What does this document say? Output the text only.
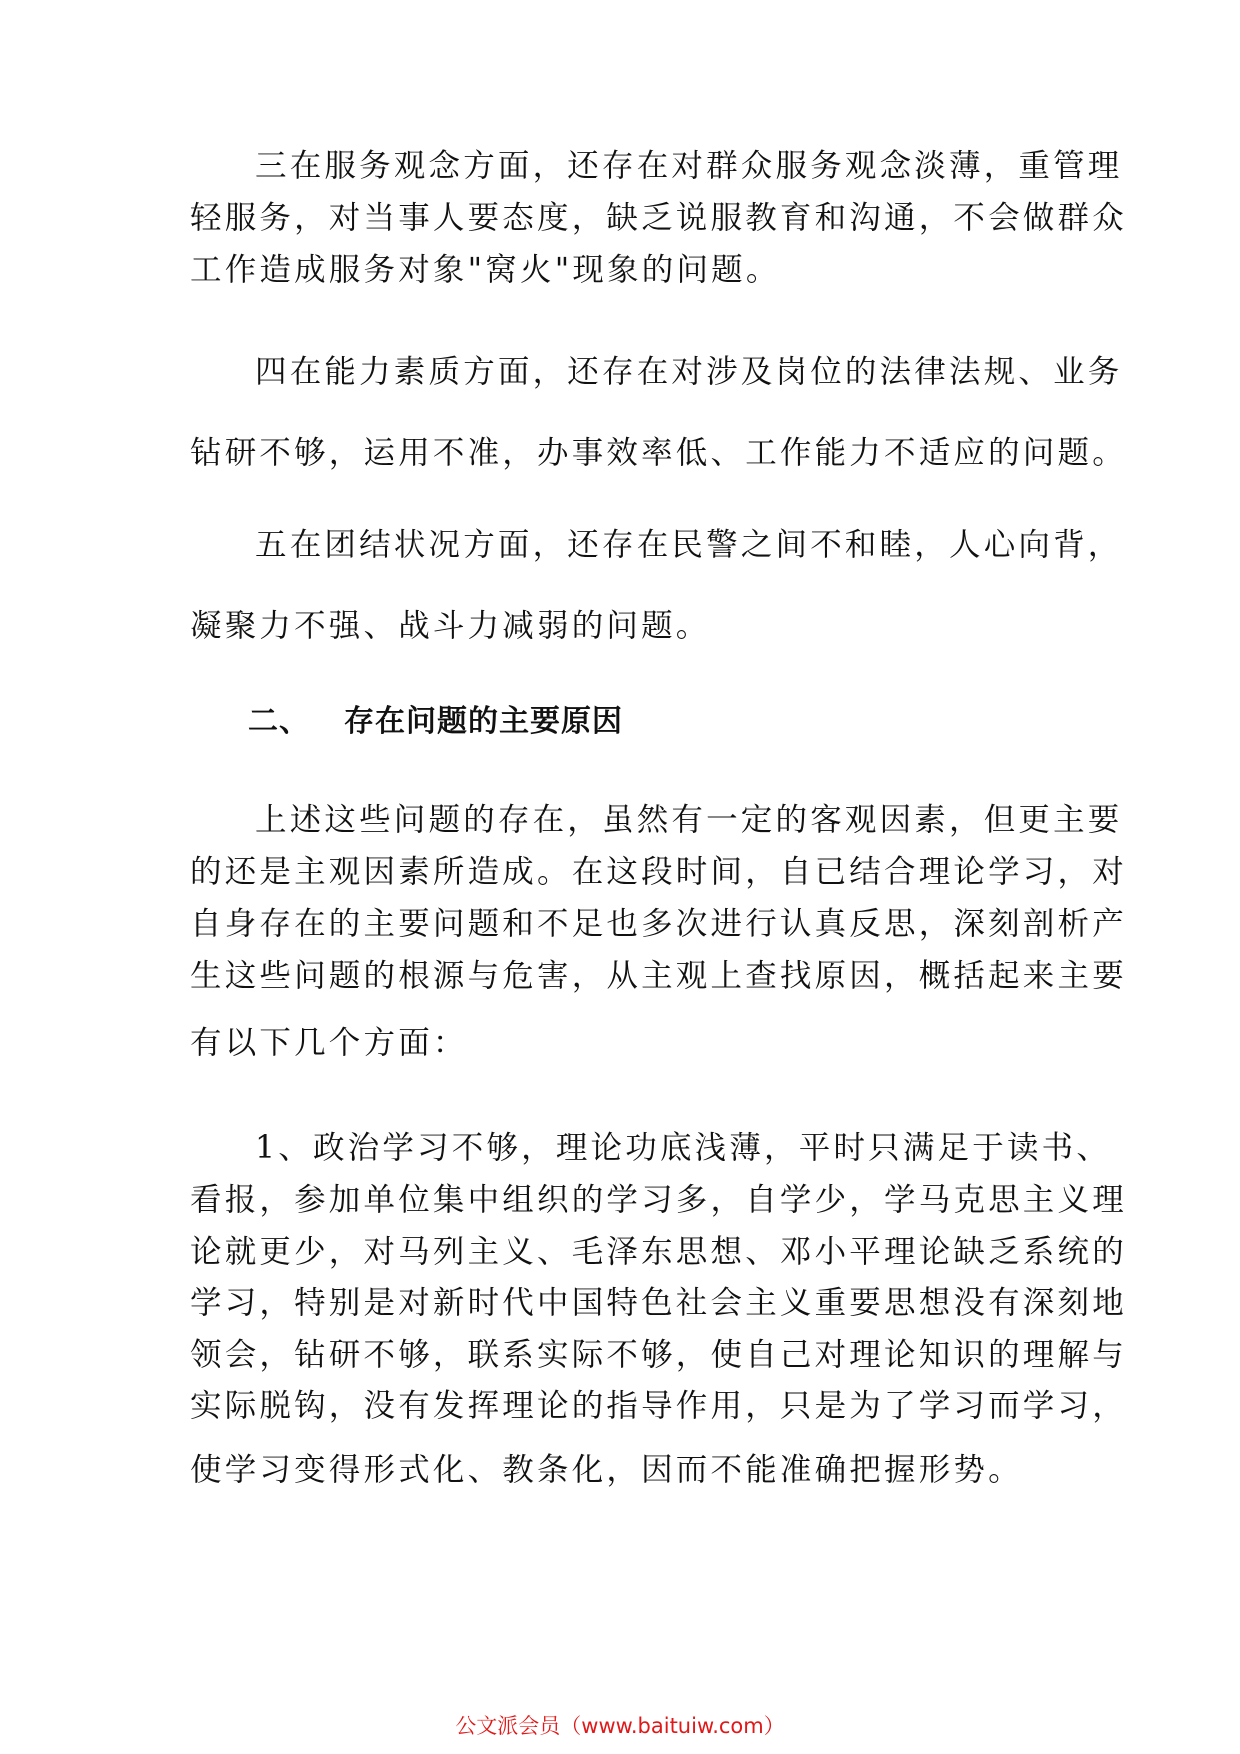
三在服务观念方面，还存在对群众服务观念淡薄，重管理

轻服务，对当事人要态度，缺乏说服教育和沟通，不会做群众

工作造成服务对象"窝火"现象的问题。

四在能力素质方面，还存在对涉及岗位的法律法规、业务

钻研不够，运用不准，办事效率低、工作能力不适应的问题。

五在团结状况方面，还存在民警之间不和睦，人心向背，

凝聚力不强、战斗力减弱的问题。

二、 存在问题的主要原因

上述这些问题的存在，虽然有一定的客观因素，但更主要

的还是主观因素所造成。在这段时间，自已结合理论学习，对

自身存在的主要问题和不足也多次进行认真反思，深刻剖析产

生这些问题的根源与危害，从主观上查找原因，概括起来主要

有以下几个方面：

1、政治学习不够，理论功底浅薄，平时只满足于读书、

看报，参加单位集中组织的学习多，自学少，学马克思主义理

论就更少，对马列主义、毛泽东思想、邓小平理论缺乏系统的

学习，特别是对新时代中国特色社会主义重要思想没有深刻地

领会，钻研不够，联系实际不够，使自己对理论知识的理解与

实际脱钩，没有发挥理论的指导作用，只是为了学习而学习，

使学习变得形式化、教条化，因而不能准确把握形势。

公文派会员（www.baituiw.com）
